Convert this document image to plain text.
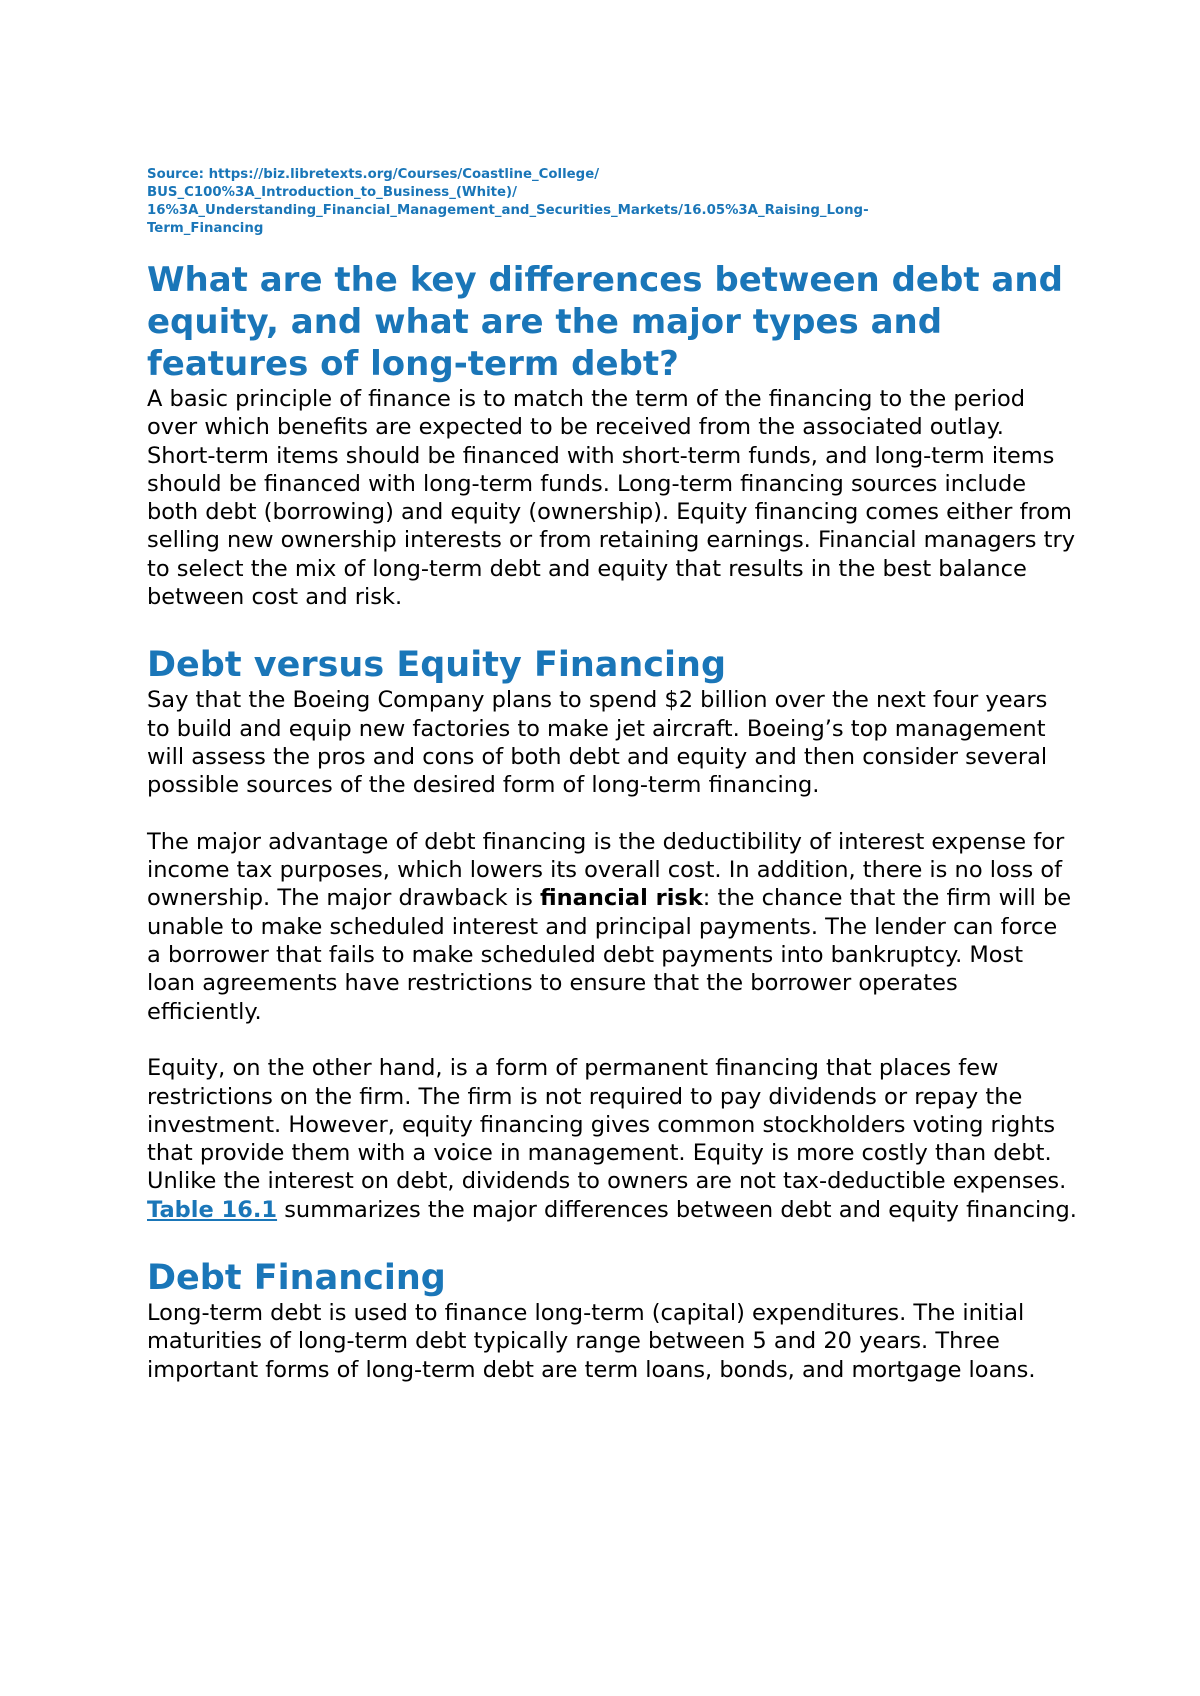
Source: https://biz.libretexts.org/Courses/Coastline_College/
BUS_C100%3A_Introduction_to_Business_(White)/
16%3A_Understanding_Financial_Management_and_Securities_Markets/16.05%3A_Raising_Long-
Term_Financing
What are the key differences between debt and equity, and what are the major types and features of long-term debt?

A basic principle of finance is to match the term of the financing to the period over which benefits are expected to be received from the associated outlay. Short-term items should be financed with short-term funds, and long-term items should be financed with long-term funds. Long-term financing sources include both debt (borrowing) and equity (ownership). Equity financing comes either from selling new ownership interests or from retaining earnings. Financial managers try to select the mix of long-term debt and equity that results in the best balance between cost and risk.

Debt versus Equity Financing

Say that the Boeing Company plans to spend $2 billion over the next four years to build and equip new factories to make jet aircraft. Boeing’s top management will assess the pros and cons of both debt and equity and then consider several possible sources of the desired form of long-term financing.

The major advantage of debt financing is the deductibility of interest expense for income tax purposes, which lowers its overall cost. In addition, there is no loss of ownership. The major drawback is financial risk: the chance that the firm will be unable to make scheduled interest and principal payments. The lender can force a borrower that fails to make scheduled debt payments into bankruptcy. Most loan agreements have restrictions to ensure that the borrower operates efficiently.

Equity, on the other hand, is a form of permanent financing that places few restrictions on the firm. The firm is not required to pay dividends or repay the investment. However, equity financing gives common stockholders voting rights that provide them with a voice in management. Equity is more costly than debt. Unlike the interest on debt, dividends to owners are not tax-deductible expenses. Table 16.1 summarizes the major differences between debt and equity financing.

Debt Financing

Long-term debt is used to finance long-term (capital) expenditures. The initial maturities of long-term debt typically range between 5 and 20 years. Three important forms of long-term debt are term loans, bonds, and mortgage loans.
